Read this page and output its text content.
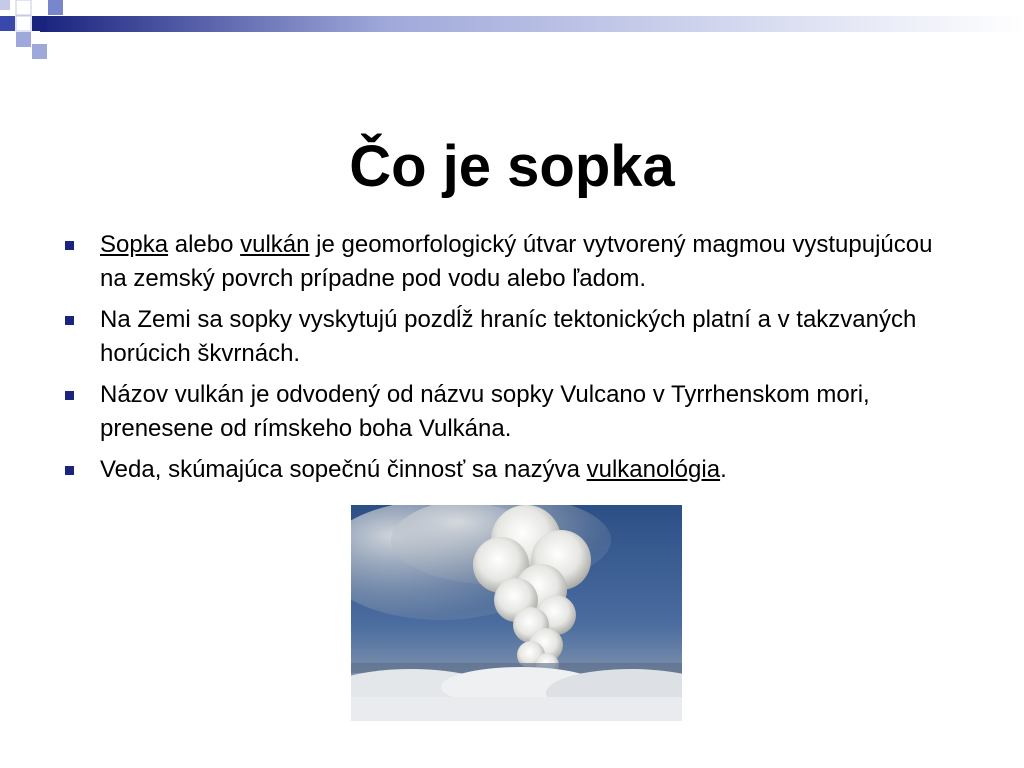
Čo je sopka
Sopka alebo vulkán je geomorfologický útvar vytvorený magmou vystupujúcou na zemský povrch prípadne pod vodu alebo ľadom.
Na Zemi sa sopky vyskytujú pozdĺž hraníc tektonických platní a v takzvaných horúcich škvrnách.
Názov vulkán je odvodený od názvu sopky Vulcano v Tyrrhenskom mori, prenesene od rímskeho boha Vulkána.
Veda, skúmajúca sopečnú činnosť sa nazýva vulkanológia.
